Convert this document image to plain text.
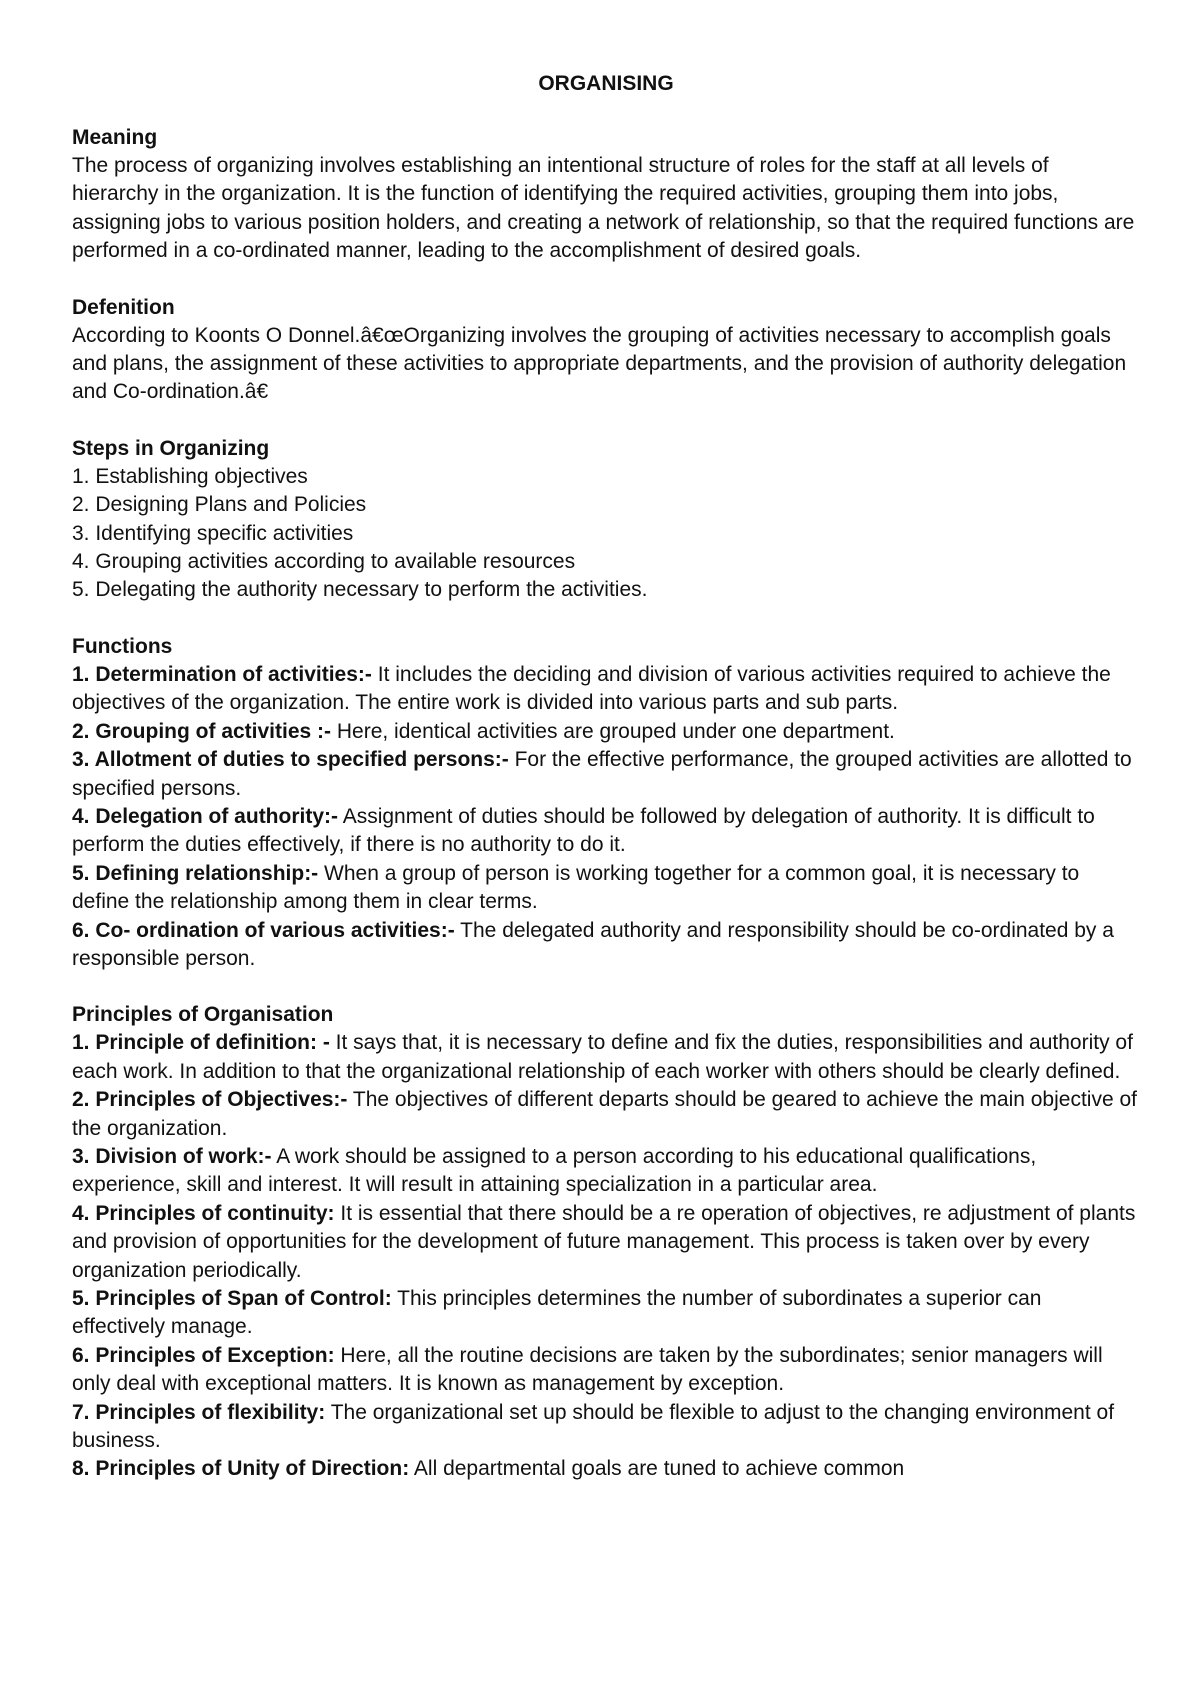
ORGANISING

Meaning

The process of organizing involves establishing an intentional structure of roles for the staff at all levels of hierarchy in the organization. It is the function of identifying the required activities, grouping them into jobs, assigning jobs to various position holders, and creating a network of relationship, so that the required functions are performed in a co-ordinated manner, leading to the accomplishment of desired goals.

Defenition

According to Koonts O Donnel.â€œOrganizing involves the grouping of activities necessary to accomplish goals and plans, the assignment of these activities to appropriate departments, and the provision of authority delegation and Co-ordination.â€

Steps in Organizing

1. Establishing objectives

2. Designing Plans and Policies

3. Identifying specific activities

4. Grouping activities according to available resources

5. Delegating the authority necessary to perform the activities.

Functions

1. Determination of activities:- It includes the deciding and division of various activities required to achieve the objectives of the organization. The entire work is divided into various parts and sub parts.

2. Grouping of activities :- Here, identical activities are grouped under one department.

3. Allotment of duties to specified persons:- For the effective performance, the grouped activities are allotted to specified persons.

4. Delegation of authority:- Assignment of duties should be followed by delegation of authority. It is difficult to perform the duties effectively, if there is no authority to do it.

5. Defining relationship:- When a group of person is working together for a common goal, it is necessary to define the relationship among them in clear terms.

6. Co- ordination of various activities:- The delegated authority and responsibility should be co-ordinated by a responsible person.

Principles of Organisation

1. Principle of definition: - It says that, it is necessary to define and fix the duties, responsibilities and authority of each work. In addition to that the organizational relationship of each worker with others should be clearly defined.

2. Principles of Objectives:- The objectives of different departs should be geared to achieve the main objective of the organization.

3. Division of work:- A work should be assigned to a person according to his educational qualifications, experience, skill and interest. It will result in attaining specialization in a particular area.

4. Principles of continuity: It is essential that there should be a re operation of objectives, re adjustment of plants and provision of opportunities for the development of future management. This process is taken over by every organization periodically.

5. Principles of Span of Control: This principles determines the number of subordinates a superior can effectively manage.

6. Principles of Exception: Here, all the routine decisions are taken by the subordinates; senior managers will only deal with exceptional matters. It is known as management by exception.

7. Principles of flexibility: The organizational set up should be flexible to adjust to the changing environment of business.

8. Principles of Unity of Direction: All departmental goals are tuned to achieve common
